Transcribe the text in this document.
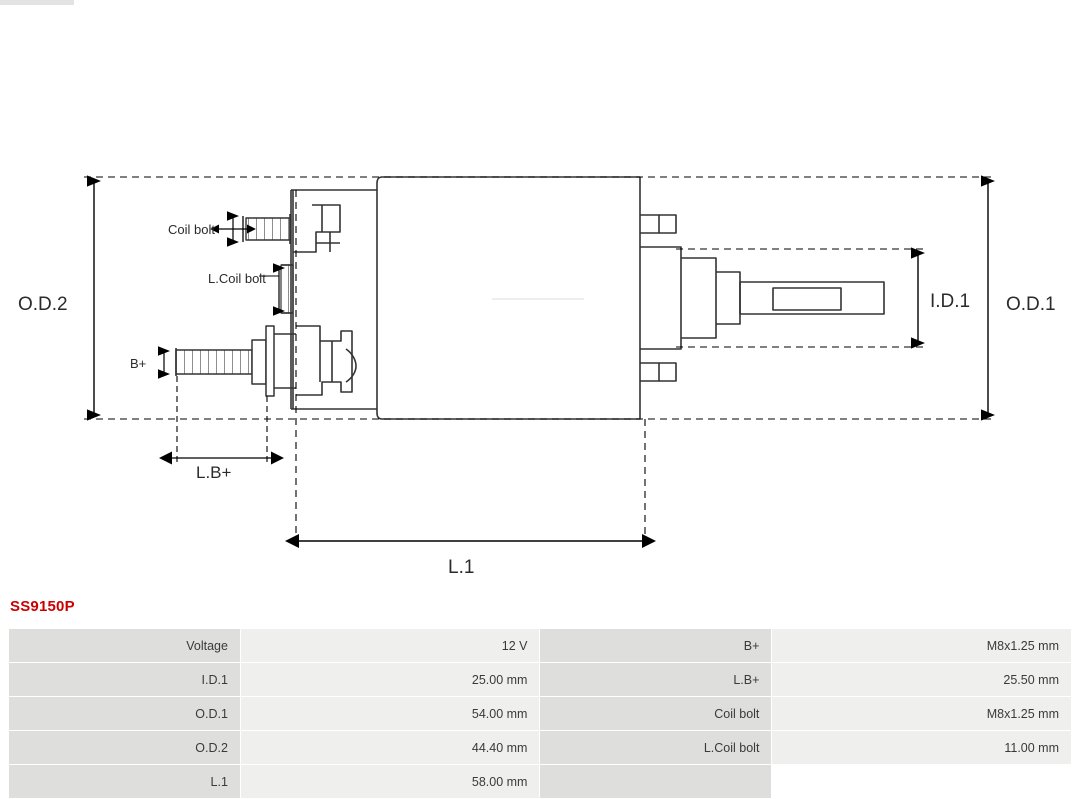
Coil bolt
L.Coil bolt
B+
L.B+
O.D.2	O.D.1
I.D.1
L.1
SS9150P
Voltage	12 V	B+	M8x1.25 mm
I.D.1	25.00 mm	L.B+	25.50 mm
O.D.1	54.00 mm	Coil bolt	M8x1.25 mm
O.D.2	44.40 mm	L.Coil bolt	11.00 mm
L.1	58.00 mm		
